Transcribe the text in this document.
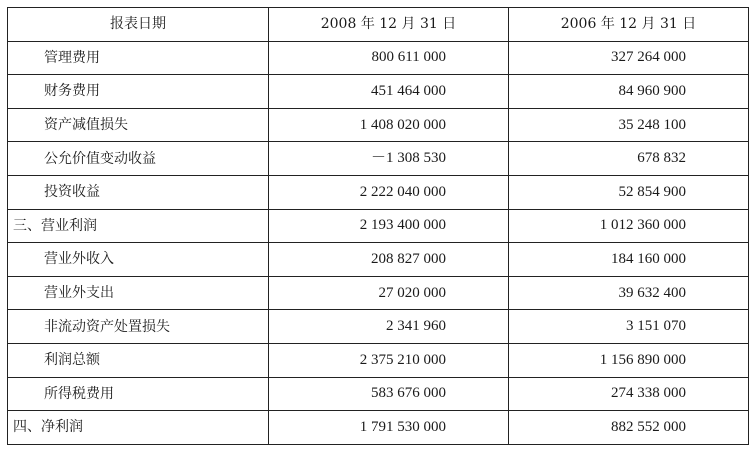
报表日期	2008 年 12 月 31 日	2006 年 12 月 31 日
管理费用	800 611 000	327 264 000
财务费用	451 464 000	84 960 900
资产减值损失	1 408 020 000	35 248 100
公允价值变动收益	－1 308 530	678 832
投资收益	2 222 040 000	52 854 900
三、营业利润	2 193 400 000	1 012 360 000
营业外收入	208 827 000	184 160 000
营业外支出	27 020 000	39 632 400
非流动资产处置损失	2 341 960	3 151 070
利润总额	2 375 210 000	1 156 890 000
所得税费用	583 676 000	274 338 000
四、净利润	1 791 530 000	882 552 000
